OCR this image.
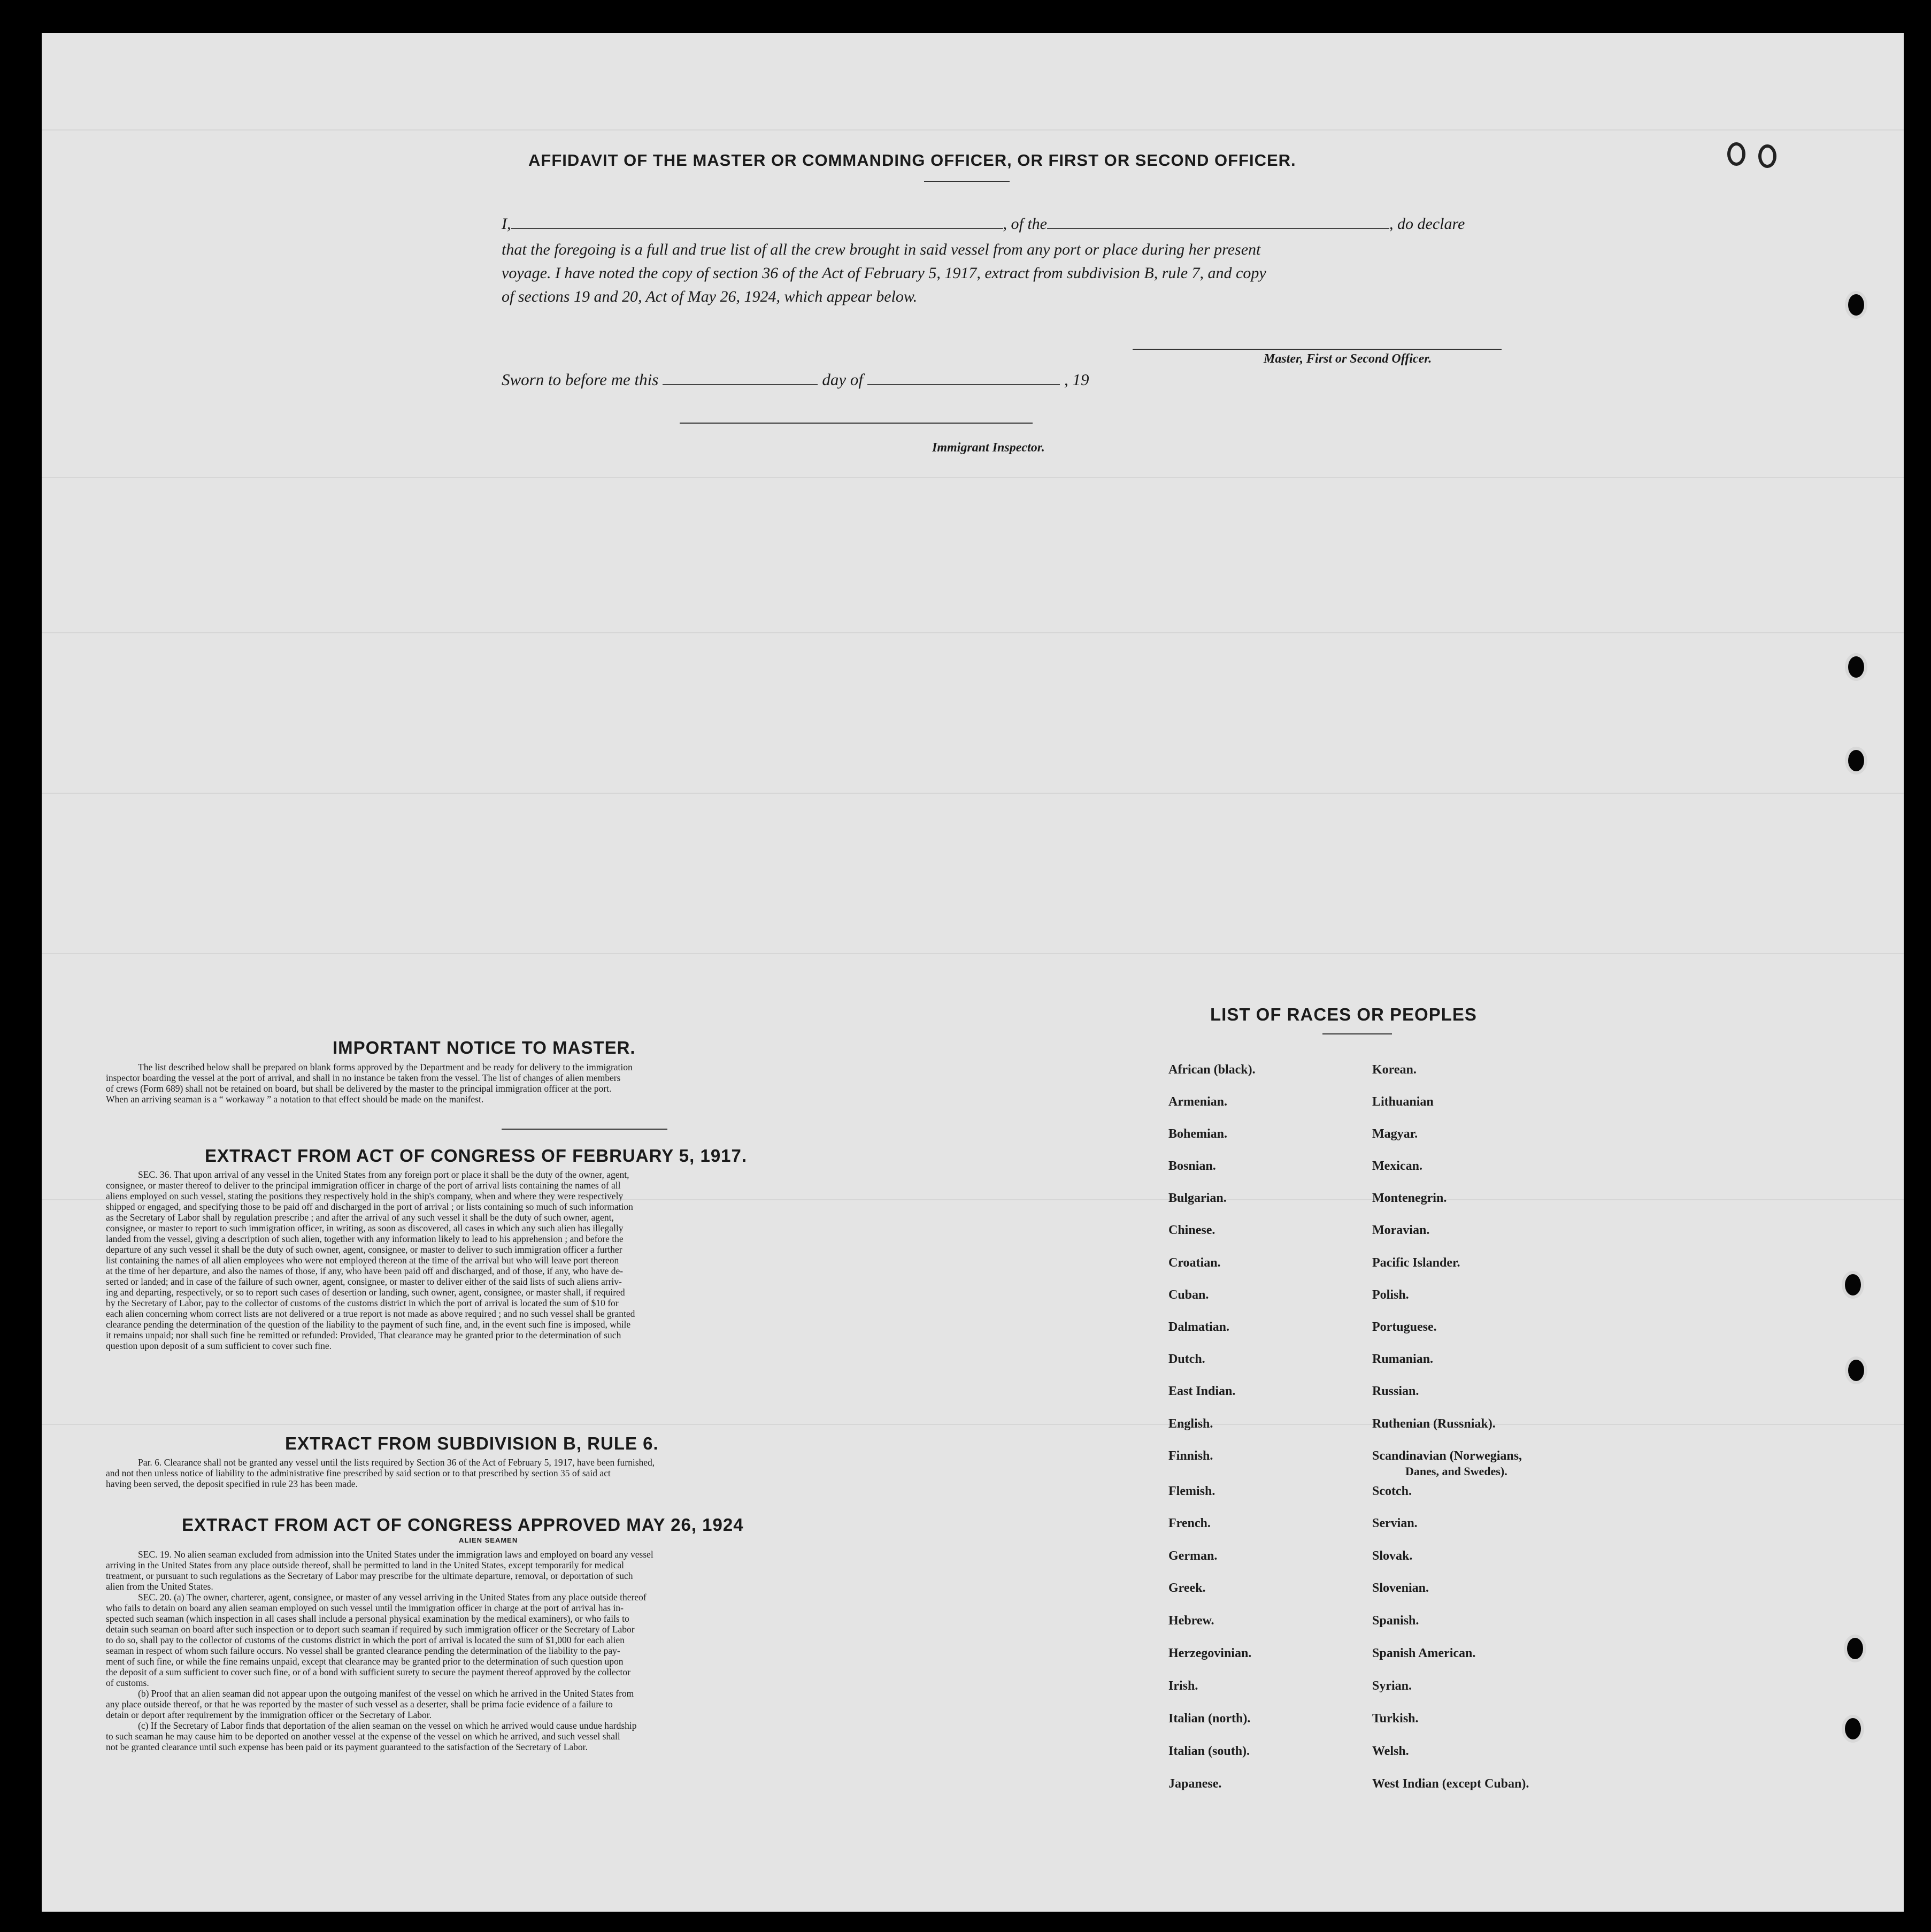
AFFIDAVIT OF THE MASTER OR COMMANDING OFFICER, OR FIRST OR SECOND OFFICER.
I,	, of the	, do declare
that the foregoing is a full and true list of all the crew brought in said vessel from any port or place during her present
voyage. I have noted the copy of section 36 of the Act of February 5, 1917, extract from subdivision B, rule 7, and copy
of sections 19 and 20, Act of May 26, 1924, which appear below.
Master, First or Second Officer.
Sworn to before me this	day of	, 19
Immigrant Inspector.
IMPORTANT NOTICE TO MASTER.
The list described below shall be prepared on blank forms approved by the Department and be ready for delivery to the immigration
inspector boarding the vessel at the port of arrival, and shall in no instance be taken from the vessel. The list of changes of alien members
of crews (Form 689) shall not be retained on board, but shall be delivered by the master to the principal immigration officer at the port.
When an arriving seaman is a “ workaway ” a notation to that effect should be made on the manifest.
EXTRACT FROM ACT OF CONGRESS OF FEBRUARY 5, 1917.
SEC. 36. That upon arrival of any vessel in the United States from any foreign port or place it shall be the duty of the owner, agent,
consignee, or master thereof to deliver to the principal immigration officer in charge of the port of arrival lists containing the names of all
aliens employed on such vessel, stating the positions they respectively hold in the ship's company, when and where they were respectively
shipped or engaged, and specifying those to be paid off and discharged in the port of arrival ; or lists containing so much of such information
as the Secretary of Labor shall by regulation prescribe ; and after the arrival of any such vessel it shall be the duty of such owner, agent,
consignee, or master to report to such immigration officer, in writing, as soon as discovered, all cases in which any such alien has illegally
landed from the vessel, giving a description of such alien, together with any information likely to lead to his apprehension ; and before the
departure of any such vessel it shall be the duty of such owner, agent, consignee, or master to deliver to such immigration officer a further
list containing the names of all alien employees who were not employed thereon at the time of the arrival but who will leave port thereon
at the time of her departure, and also the names of those, if any, who have been paid off and discharged, and of those, if any, who have de-
serted or landed; and in case of the failure of such owner, agent, consignee, or master to deliver either of the said lists of such aliens arriv-
ing and departing, respectively, or so to report such cases of desertion or landing, such owner, agent, consignee, or master shall, if required
by the Secretary of Labor, pay to the collector of customs of the customs district in which the port of arrival is located the sum of $10 for
each alien concerning whom correct lists are not delivered or a true report is not made as above required ; and no such vessel shall be granted
clearance pending the determination of the question of the liability to the payment of such fine, and, in the event such fine is imposed, while
it remains unpaid; nor shall such fine be remitted or refunded: Provided, That clearance may be granted prior to the determination of such
question upon deposit of a sum sufficient to cover such fine.
EXTRACT FROM SUBDIVISION B, RULE 6.
Par. 6. Clearance shall not be granted any vessel until the lists required by Section 36 of the Act of February 5, 1917, have been furnished,
and not then unless notice of liability to the administrative fine prescribed by said section or to that prescribed by section 35 of said act
having been served, the deposit specified in rule 23 has been made.
EXTRACT FROM ACT OF CONGRESS APPROVED MAY 26, 1924
ALIEN SEAMEN
SEC. 19. No alien seaman excluded from admission into the United States under the immigration laws and employed on board any vessel
arriving in the United States from any place outside thereof, shall be permitted to land in the United States, except temporarily for medical
treatment, or pursuant to such regulations as the Secretary of Labor may prescribe for the ultimate departure, removal, or deportation of such
alien from the United States.
SEC. 20. (a) The owner, charterer, agent, consignee, or master of any vessel arriving in the United States from any place outside thereof
who fails to detain on board any alien seaman employed on such vessel until the immigration officer in charge at the port of arrival has in-
spected such seaman (which inspection in all cases shall include a personal physical examination by the medical examiners), or who fails to
detain such seaman on board after such inspection or to deport such seaman if required by such immigration officer or the Secretary of Labor
to do so, shall pay to the collector of customs of the customs district in which the port of arrival is located the sum of $1,000 for each alien
seaman in respect of whom such failure occurs. No vessel shall be granted clearance pending the determination of the liability to the pay-
ment of such fine, or while the fine remains unpaid, except that clearance may be granted prior to the determination of such question upon
the deposit of a sum sufficient to cover such fine, or of a bond with sufficient surety to secure the payment thereof approved by the collector
of customs.
(b) Proof that an alien seaman did not appear upon the outgoing manifest of the vessel on which he arrived in the United States from
any place outside thereof, or that he was reported by the master of such vessel as a deserter, shall be prima facie evidence of a failure to
detain or deport after requirement by the immigration officer or the Secretary of Labor.
(c) If the Secretary of Labor finds that deportation of the alien seaman on the vessel on which he arrived would cause undue hardship
to such seaman he may cause him to be deported on another vessel at the expense of the vessel on which he arrived, and such vessel shall
not be granted clearance until such expense has been paid or its payment guaranteed to the satisfaction of the Secretary of Labor.
LIST OF RACES OR PEOPLES
African (black).
Armenian.
Bohemian.
Bosnian.
Bulgarian.
Chinese.
Croatian.
Cuban.
Dalmatian.
Dutch.
East Indian.
English.
Finnish.
Flemish.
French.
German.
Greek.
Hebrew.
Herzegovinian.
Irish.
Italian (north).
Italian (south).
Japanese.
Korean.
Lithuanian
Magyar.
Mexican.
Montenegrin.
Moravian.
Pacific Islander.
Polish.
Portuguese.
Rumanian.
Russian.
Ruthenian (Russniak).
Scandinavian (Norwegians,
Danes, and Swedes).
Scotch.
Servian.
Slovak.
Slovenian.
Spanish.
Spanish American.
Syrian.
Turkish.
Welsh.
West Indian (except Cuban).
